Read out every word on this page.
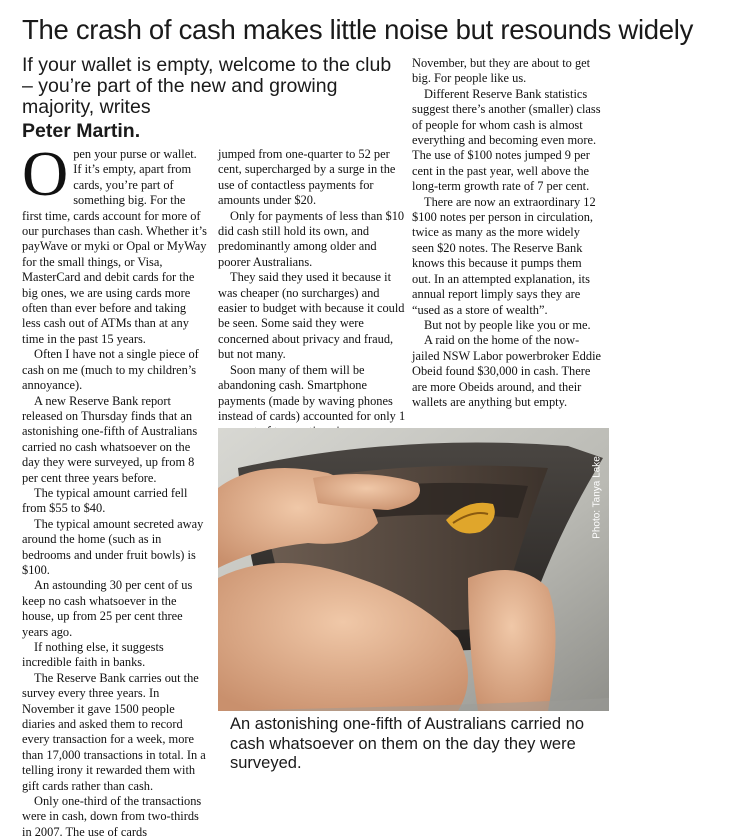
The crash of cash makes little noise but resounds widely
If your wallet is empty, welcome to the club – you’re part of the new and growing majority, writes
Peter Martin.

Open your purse or wallet. If it’s empty, apart from cards, you’re part of something big. For the first time, cards account for more of our purchases than cash. Whether it’s payWave or myki or Opal or MyWay for the small things, or Visa, MasterCard and debit cards for the big ones, we are using cards more often than ever before and taking less cash out of ATMs than at any time in the past 15 years.

Often I have not a single piece of cash on me (much to my children’s annoyance).

A new Reserve Bank report released on Thursday finds that an astonishing one-fifth of Australians carried no cash whatsoever on the day they were surveyed, up from 8 per cent three years before.

The typical amount carried fell from $55 to $40.

The typical amount secreted away around the home (such as in bedrooms and under fruit bowls) is $100.

An astounding 30 per cent of us keep no cash whatsoever in the house, up from 25 per cent three years ago.

If nothing else, it suggests incredible faith in banks.

The Reserve Bank carries out the survey every three years. In November it gave 1500 people diaries and asked them to record every transaction for a week, more than 17,000 transactions in total. In a telling irony it rewarded them with gift cards rather than cash.

Only one-third of the transactions were in cash, down from two-thirds in 2007. The use of cards

jumped from one-quarter to 52 per cent, supercharged by a surge in the use of contactless payments for amounts under $20.

Only for payments of less than $10 did cash still hold its own, and predominantly among older and poorer Australians.

They said they used it because it was cheaper (no surcharges) and easier to budget with because it could be seen. Some said they were concerned about privacy and fraud, but not many.

Soon many of them will be abandoning cash. Smartphone payments (made by waving phones instead of cards) accounted for only 1

November, but they are about to get big. For people like us.

Different Reserve Bank statistics suggest there’s another (smaller) class of people for whom cash is almost everything and becoming even more. The use of $100 notes jumped 9 per cent in the past year, well above the long-term growth rate of 7 per cent.

There are now an extraordinary 12 $100 notes per person in circulation, twice as many as the more widely seen $20 notes. The Reserve Bank knows this because it pumps them out. In an attempted explanation, its annual report limply says they are “used as a store of wealth”.

But not by people like you or me.

A raid on the home of the now-jailed NSW Labor powerbroker Eddie Obeid found $30,000 in cash. There are more Obeids around, and their wallets are anything but empty.

Photo: Tanya Lake
An astonishing one-fifth of Australians carried no cash whatsoever on them on the day they were surveyed.
